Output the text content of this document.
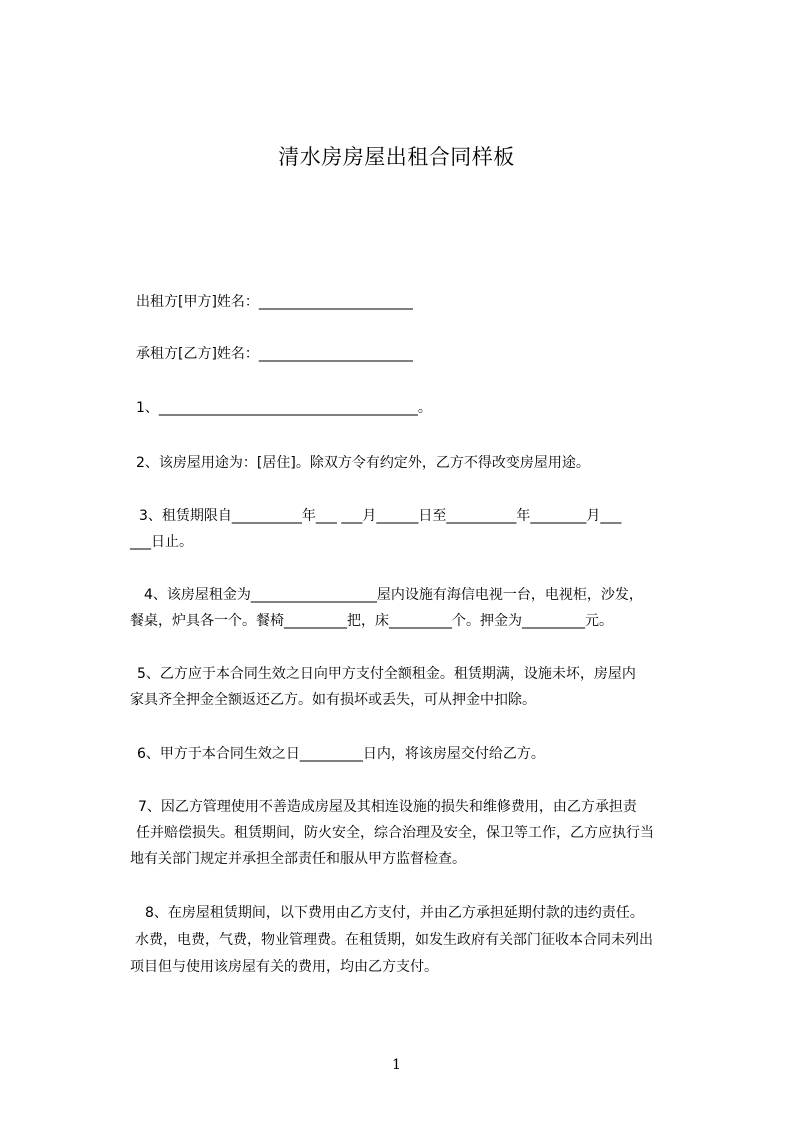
清水房房屋出租合同样板
出租方[甲方]姓名：______________________
承租方[乙方]姓名：______________________
1、_____________________________________。
2、该房屋用途为：[居住]。除双方令有约定外，乙方不得改变房屋用途。
3、租赁期限自__________年___ ___月______日至__________年________月___
___日止。
4、该房屋租金为__________________屋内设施有海信电视一台，电视柜，沙发，
餐桌，炉具各一个。餐椅_________把，床_________个。押金为_________元。
5、乙方应于本合同生效之日向甲方支付全额租金。租赁期满，设施未坏，房屋内
家具齐全押金全额返还乙方。如有损坏或丢失，可从押金中扣除。
6、甲方于本合同生效之日_________日内，将该房屋交付给乙方。
7、因乙方管理使用不善造成房屋及其相连设施的损失和维修费用，由乙方承担责
任并赔偿损失。租赁期间，防火安全，综合治理及安全，保卫等工作，乙方应执行当
地有关部门规定并承担全部责任和服从甲方监督检查。
8、在房屋租赁期间，以下费用由乙方支付，并由乙方承担延期付款的违约责任。
水费，电费，气费，物业管理费。在租赁期，如发生政府有关部门征收本合同未列出
项目但与使用该房屋有关的费用，均由乙方支付。
1
